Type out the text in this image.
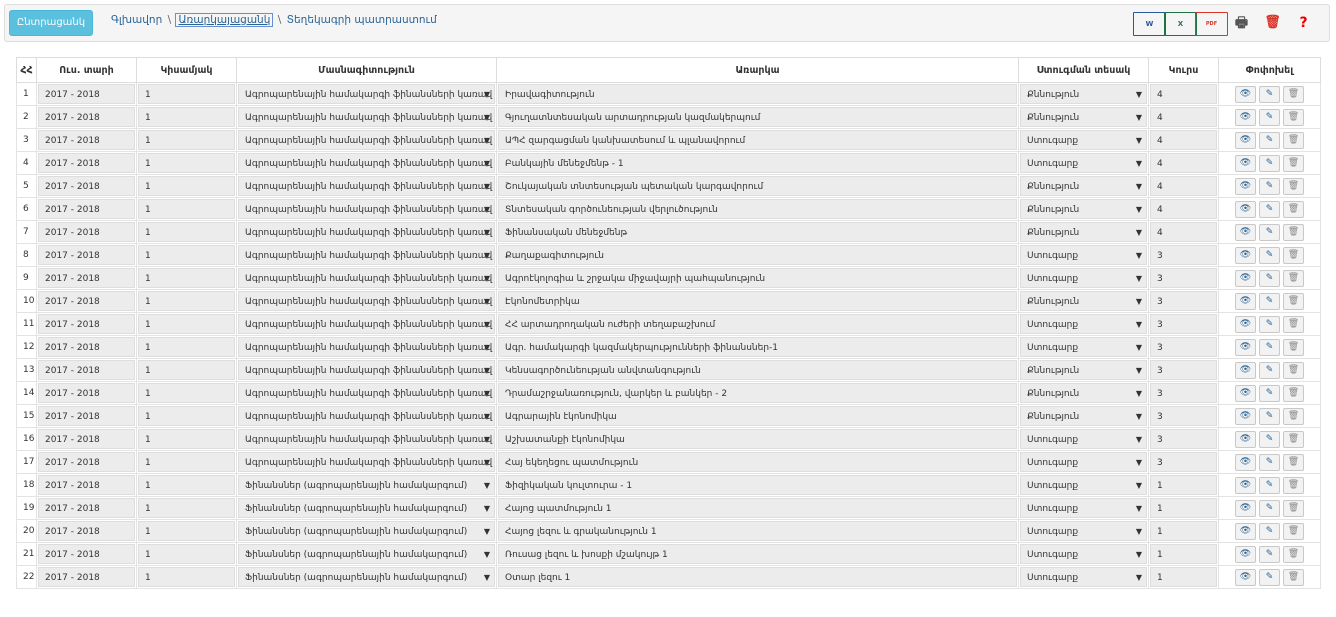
Ընտրացանկ	Գլխավոր \ Առարկայացանկ \ Տեղեկագրի պատրաստում	W	X	PDF	🖶	🗑	?
ՀՀ	Ուս. տարի	Կիսամյակ	Մասնագիտություն	Առարկա	Ստուգման տեսակ	Կուրս	Փոփոխել
1	2017 - 2018	1	Ագրոպարենային համակարգի ֆինանսների կառավ ▼	Իրավագիտություն	Քննություն ▼	4	👁 ✎ 🗑

2	2017 - 2018	1	Ագրոպարենային համակարգի ֆինանսների կառավ ▼	Գյուղատնտեսական արտադրության կազմակերպում	Քննություն ▼	4	👁 ✎ 🗑

3	2017 - 2018	1	Ագրոպարենային համակարգի ֆինանսների կառավ ▼	ԱՊՀ զարգացման կանխատեսում և պլանավորում	Ստուգարք ▼	4	👁 ✎ 🗑

4	2017 - 2018	1	Ագրոպարենային համակարգի ֆինանսների կառավ ▼	Բանկային մենեջմենթ - 1	Ստուգարք ▼	4	👁 ✎ 🗑

5	2017 - 2018	1	Ագրոպարենային համակարգի ֆինանսների կառավ ▼	Շուկայական տնտեսության պետական կարգավորում	Քննություն ▼	4	👁 ✎ 🗑

6	2017 - 2018	1	Ագրոպարենային համակարգի ֆինանսների կառավ ▼	Տնտեսական գործունեության վերլուծություն	Քննություն ▼	4	👁 ✎ 🗑

7	2017 - 2018	1	Ագրոպարենային համակարգի ֆինանսների կառավ ▼	Ֆինանսական մենեջմենթ	Քննություն ▼	4	👁 ✎ 🗑

8	2017 - 2018	1	Ագրոպարենային համակարգի ֆինանսների կառավ ▼	Քաղաքագիտություն	Ստուգարք ▼	3	👁 ✎ 🗑

9	2017 - 2018	1	Ագրոպարենային համակարգի ֆինանսների կառավ ▼	Ագրոէկոլոգիա և շրջակա միջավայրի պահպանություն	Ստուգարք ▼	3	👁 ✎ 🗑

10	2017 - 2018	1	Ագրոպարենային համակարգի ֆինանսների կառավ ▼	Էկոնոմետրիկա	Քննություն ▼	3	👁 ✎ 🗑

11	2017 - 2018	1	Ագրոպարենային համակարգի ֆինանսների կառավ ▼	ՀՀ արտադրողական ուժերի տեղաբաշխում	Ստուգարք ▼	3	👁 ✎ 🗑

12	2017 - 2018	1	Ագրոպարենային համակարգի ֆինանսների կառավ ▼	Ագր. համակարգի կազմակերպությունների ֆինանսներ-1	Ստուգարք ▼	3	👁 ✎ 🗑

13	2017 - 2018	1	Ագրոպարենային համակարգի ֆինանսների կառավ ▼	Կենսագործունեության անվտանգություն	Քննություն ▼	3	👁 ✎ 🗑

14	2017 - 2018	1	Ագրոպարենային համակարգի ֆինանսների կառավ ▼	Դրամաշրջանառություն, վարկեր և բանկեր - 2	Քննություն ▼	3	👁 ✎ 🗑

15	2017 - 2018	1	Ագրոպարենային համակարգի ֆինանսների կառավ ▼	Ագրարային էկոնոմիկա	Քննություն ▼	3	👁 ✎ 🗑

16	2017 - 2018	1	Ագրոպարենային համակարգի ֆինանսների կառավ ▼	Աշխատանքի էկոնոմիկա	Ստուգարք ▼	3	👁 ✎ 🗑

17	2017 - 2018	1	Ագրոպարենային համակարգի ֆինանսների կառավ ▼	Հայ եկեղեցու պատմություն	Ստուգարք ▼	3	👁 ✎ 🗑

18	2017 - 2018	1	Ֆինանսներ (ագրոպարենային համակարգում) ▼	Ֆիզիկական կուլտուրա - 1	Ստուգարք ▼	1	👁 ✎ 🗑

19	2017 - 2018	1	Ֆինանսներ (ագրոպարենային համակարգում) ▼	Հայոց պատմություն 1	Ստուգարք ▼	1	👁 ✎ 🗑

20	2017 - 2018	1	Ֆինանսներ (ագրոպարենային համակարգում) ▼	Հայոց լեզու և գրականություն 1	Ստուգարք ▼	1	👁 ✎ 🗑

21	2017 - 2018	1	Ֆինանսներ (ագրոպարենային համակարգում) ▼	Ռուսաց լեզու և խոսքի մշակույթ 1	Ստուգարք ▼	1	👁 ✎ 🗑

22	2017 - 2018	1	Ֆինանսներ (ագրոպարենային համակարգում) ▼	Օտար լեզու 1	Ստուգարք ▼	1	👁 ✎ 🗑
